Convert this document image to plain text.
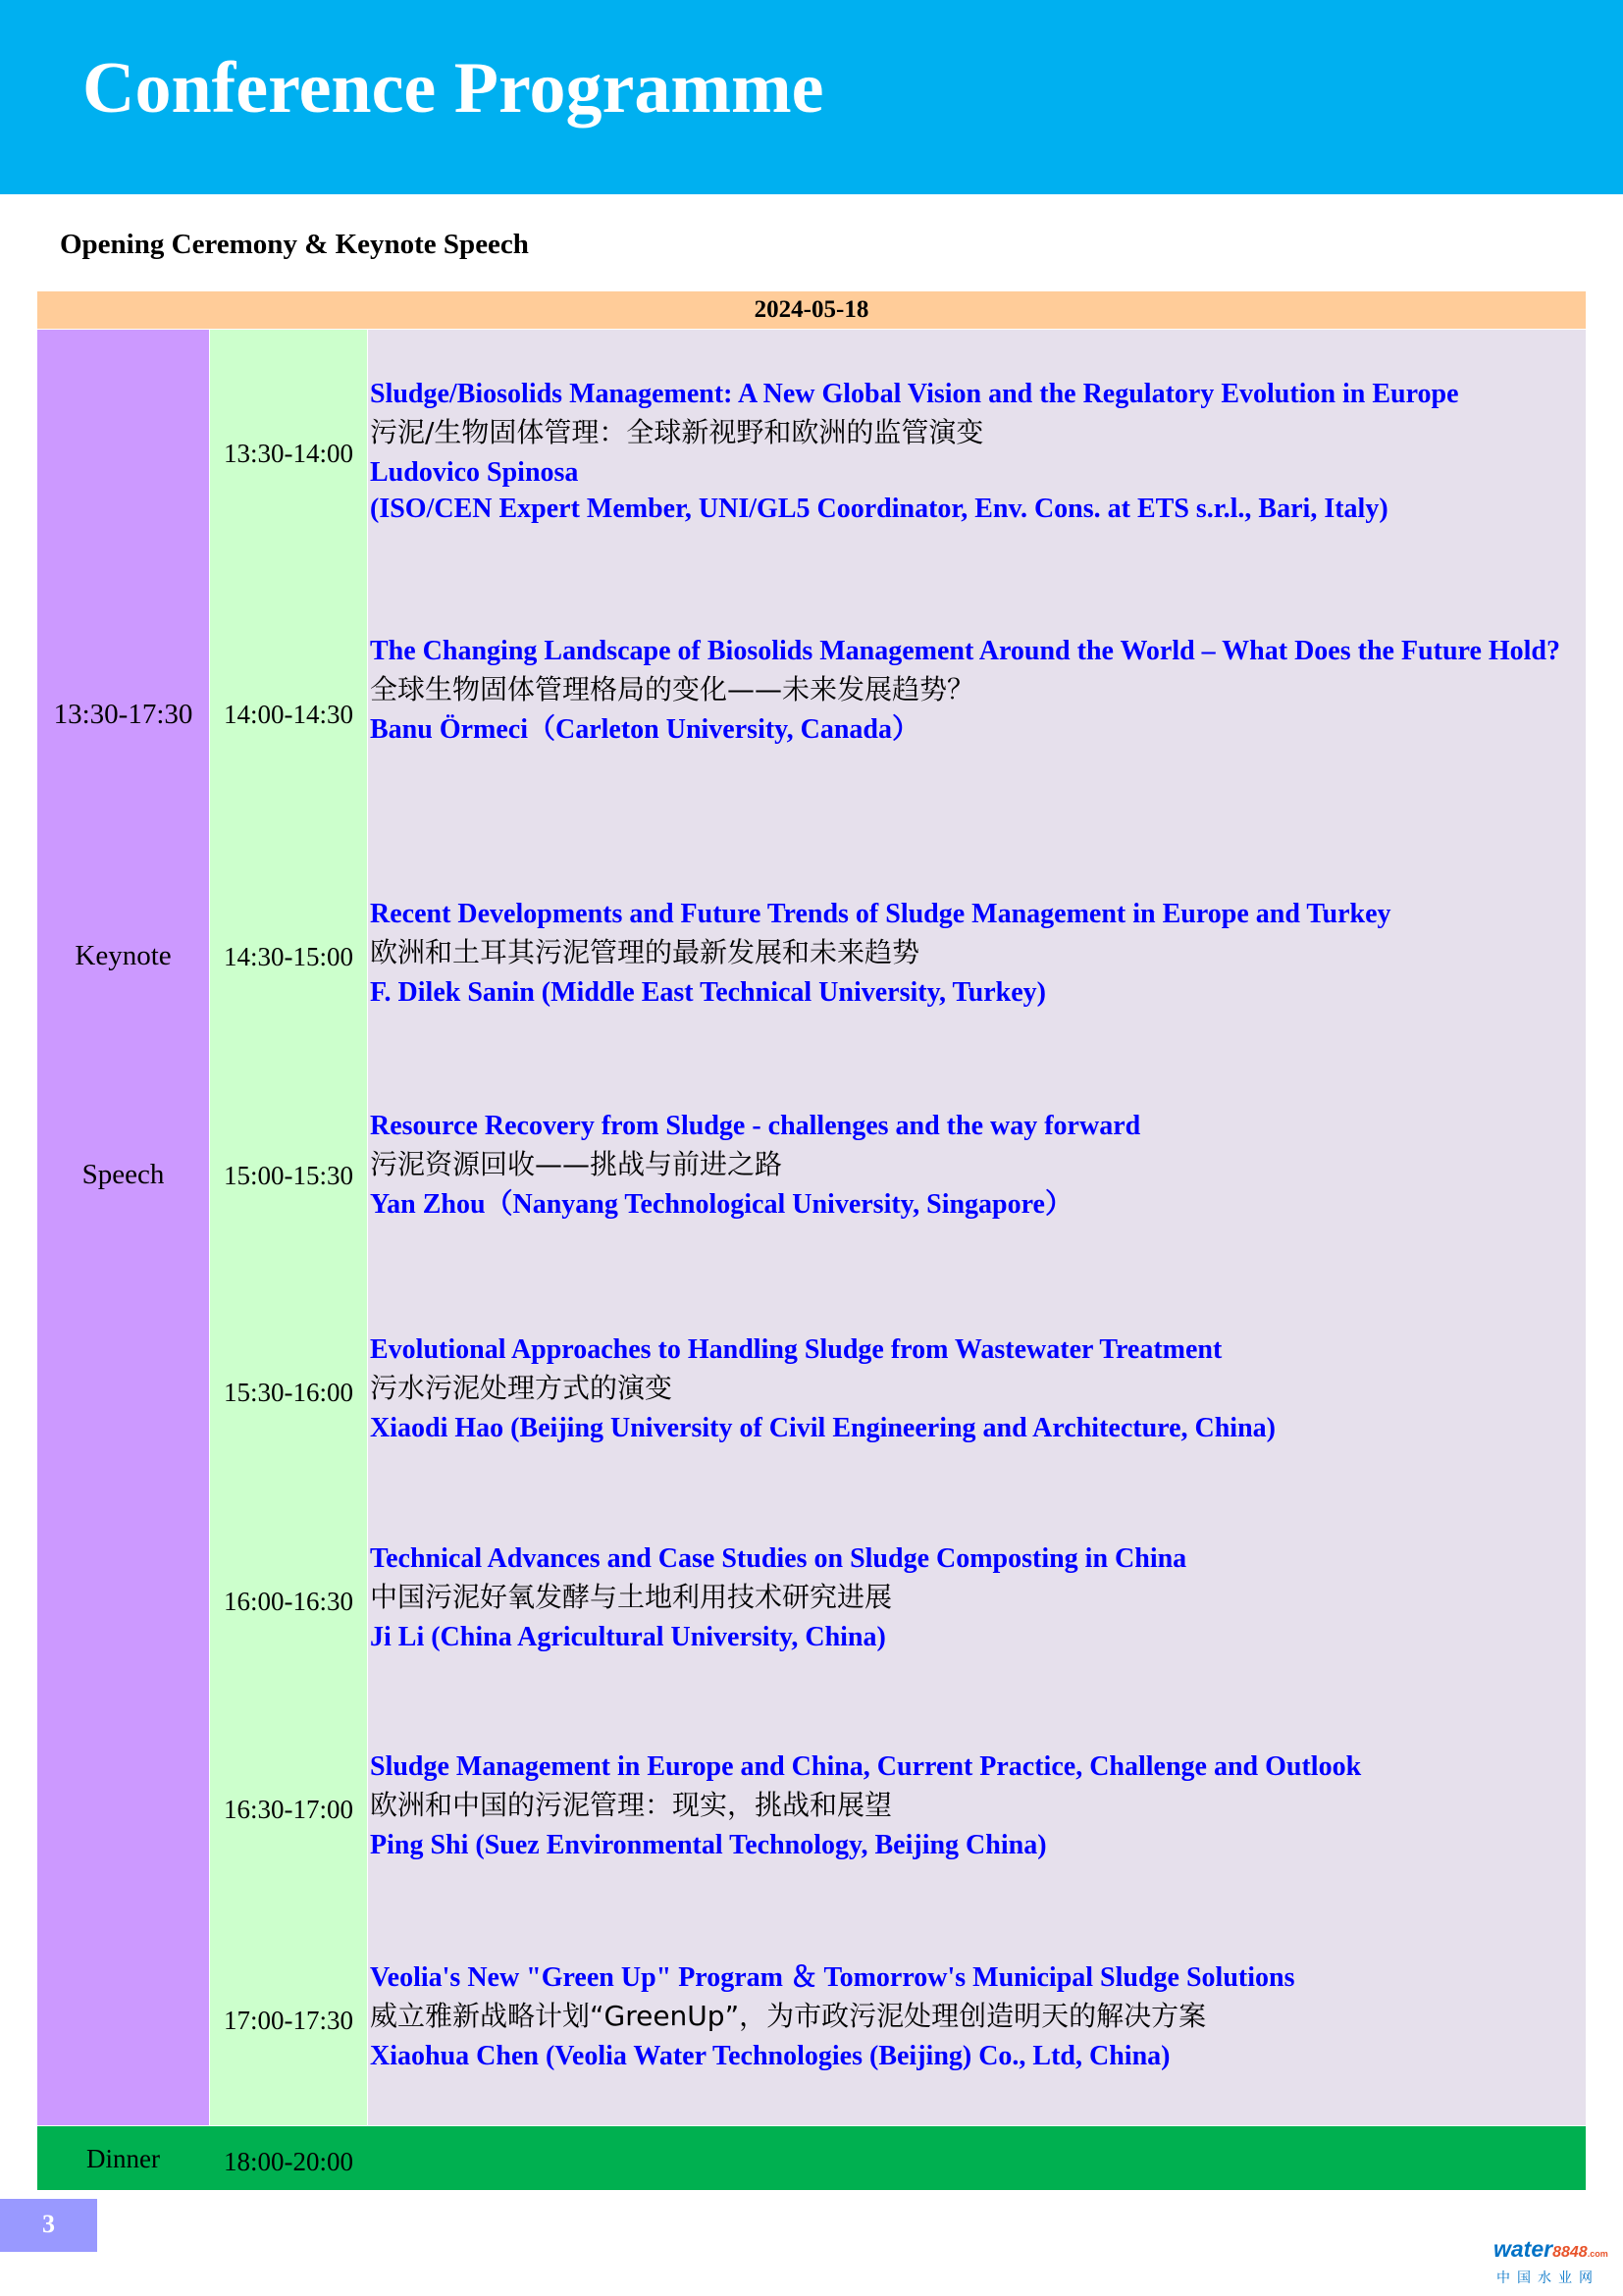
Conference Programme
Opening Ceremony & Keynote Speech
2024-05-18
13:30-17:30
Keynote
Speech
13:30-14:00
Sludge/Biosolids Management: A New Global Vision and the Regulatory Evolution in Europe
污泥/生物固体管理：全球新视野和欧洲的监管演变
Ludovico Spinosa
(ISO/CEN Expert Member, UNI/GL5 Coordinator, Env. Cons. at ETS s.r.l., Bari, Italy)
14:00-14:30
The Changing Landscape of Biosolids Management Around the World – What Does the Future Hold?
全球生物固体管理格局的变化——未来发展趋势？
Banu Örmeci（Carleton University, Canada）
14:30-15:00
Recent Developments and Future Trends of Sludge Management in Europe and Turkey
欧洲和土耳其污泥管理的最新发展和未来趋势
F. Dilek Sanin (Middle East Technical University, Turkey)
15:00-15:30
Resource Recovery from Sludge - challenges and the way forward
污泥资源回收——挑战与前进之路
Yan Zhou（Nanyang Technological University, Singapore）
15:30-16:00
Evolutional Approaches to Handling Sludge from Wastewater Treatment
污水污泥处理方式的演变
Xiaodi Hao (Beijing University of Civil Engineering and Architecture, China)
16:00-16:30
Technical Advances and Case Studies on Sludge Composting in China
中国污泥好氧发酵与土地利用技术研究进展
Ji Li (China Agricultural University, China)
16:30-17:00
Sludge Management in Europe and China, Current Practice, Challenge and Outlook
欧洲和中国的污泥管理：现实，挑战和展望
Ping Shi (Suez Environmental Technology, Beijing China)
17:00-17:30
Veolia's New "Green Up" Program ＆ Tomorrow's Municipal Sludge Solutions
威立雅新战略计划“GreenUp”，为市政污泥处理创造明天的解决方案
Xiaohua Chen (Veolia Water Technologies (Beijing) Co., Ltd, China)
Dinner	18:00-20:00
3
water8848.com
中国水业网
